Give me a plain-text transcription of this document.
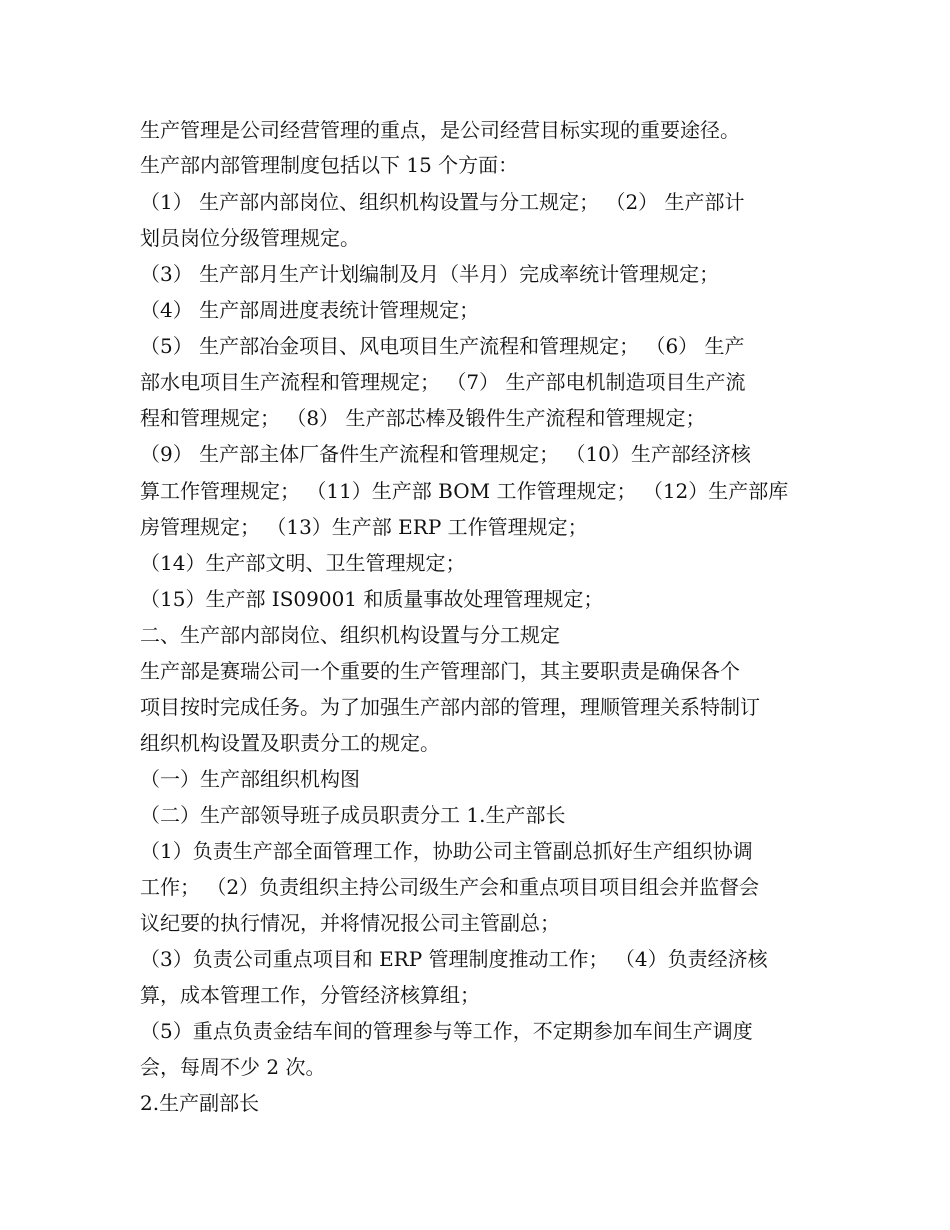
生产管理是公司经营管理的重点，是公司经营目标实现的重要途径。
生产部内部管理制度包括以下 15 个方面：
（1） 生产部内部岗位、组织机构设置与分工规定； （2） 生产部计
划员岗位分级管理规定。
（3） 生产部月生产计划编制及月（半月）完成率统计管理规定；
（4） 生产部周进度表统计管理规定；
（5） 生产部冶金项目、风电项目生产流程和管理规定； （6） 生产
部水电项目生产流程和管理规定； （7） 生产部电机制造项目生产流
程和管理规定； （8） 生产部芯棒及锻件生产流程和管理规定；
（9） 生产部主体厂备件生产流程和管理规定； （10）生产部经济核
算工作管理规定； （11）生产部 BOM 工作管理规定； （12）生产部库
房管理规定； （13）生产部 ERP 工作管理规定；
（14）生产部文明、卫生管理规定；
（15）生产部 IS09001 和质量事故处理管理规定；
二、生产部内部岗位、组织机构设置与分工规定
生产部是赛瑞公司一个重要的生产管理部门，其主要职责是确保各个
项目按时完成任务。为了加强生产部内部的管理，理顺管理关系特制订
组织机构设置及职责分工的规定。
（一）生产部组织机构图
（二）生产部领导班子成员职责分工 1.生产部长
（1）负责生产部全面管理工作，协助公司主管副总抓好生产组织协调
工作； （2）负责组织主持公司级生产会和重点项目项目组会并监督会
议纪要的执行情况，并将情况报公司主管副总；
（3）负责公司重点项目和 ERP 管理制度推动工作； （4）负责经济核
算，成本管理工作，分管经济核算组；
（5）重点负责金结车间的管理参与等工作，不定期参加车间生产调度
会，每周不少 2 次。
2.生产副部长
